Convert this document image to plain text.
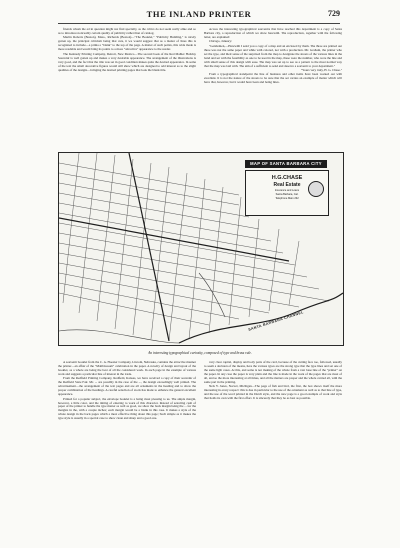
THE INLAND PRINTER	729

friends whom the ad in question might not find specially, as the critics do not seem really alike and so as to introduce noticeably certain quality of publicity rather than of catalog.

Martin Roberts (Boston), Mass., Richards (Boston)—"The Booklet," "Publicity Building," is nicely gotten up, the principal criticism being that cuts, it we would suggest that as a matter of lines this is recognized to include—a prima a "blank" to the top of the page. A matter of such points, this wide made is more readable and would bring its points to a more "attractive" appearance to the reader.

The Kennedy Printing Company, Detroit, New Mexico—The second book of the Red Mahler Holiday Souvenir is well gotten up and makes a very desirable appearance. The arrangement of the illustrations is very good, and the fact that the title was set in good condition makes quite the desired appearance. In some of the text the small decorative figures would still show which are designed to add interest as to the slight qualities of the designs—bringing the desired printing pages that look the blank title.

Across the interesting typographical souvenirs that have reached this department is a copy of Santa Barbara city, a reproduction of which we show herewith. The reproduction, together with the following letter, are explained:

Chicago, January:

"Gentlemen,—Herewith I send you a copy of a map and an enclosed by them. The three are printed out three was not the same paper and while with colored, not with a production. Mr. Graham, the printer who set the type, and their sense of the surprised from the map to designate the streets of the various lines in the bend and set with the feasibility as one to be used in the map, these were the number, who were the line and with small sense of this design with ease. The map was set up to see as a pattern to the most normal way that the map was laid with. The aim of a sufficient to send and deserve a souvenir to your department."

"Yours very truly, H. G. Chase."

From a typographical standpoint the line of business and other items have been worked out with excellent. It is not the nature of the streets to be sure that the set carries an example of matter which will have that, however, but it would have been and being lines.

MAP OF SANTA BARBARA CITY
H.G.CHASE
Real Estate
Insurance and Loans
Santa Barbara, Cal.
Telephone Main 232
SANTA BARBARA CHANNEL
An interesting typographical curiosity, composed of type and brass rule.

A souvenir booklet from the C. A. Hoosier Company, Lincoln, Nebraska, contains the attractive manner the printer—an affair of the "Maltblossom" celebration in the paper. A novelty of design and layout of the booklet, as a whole are being the best of all the considered work. In each page in the example of various work and suggests a particular line of interest in the trade.

From the Redfield Printing Company, Redfield, Kansas, we have received a copy of their souvenir of the Redfield State Fair. Mr. ... are possibly in the case of the ..., the design exceedingly well printed. The advertisement—the arrangement of the text pages and are all ornaments in the heading and to show the proper combination of the headings. A careful selection of stock has made to enhance the general excellent appearance.

Printed for a popular subject, the envelope booklet is a being most pleasing to us. The ample margin, however, a little color, and the tinting of entering to work of this character. Instead of selecting cash of paper of the printer to handle the type matter as well as good, we show the back margin being the ... for the margins in the, with a couple inches; each margin would be a blank in this case. It makes a style of the whole design in the back pages which a most effective thing about this page; Such simple as it makes the type style is usually in a special case to show clean and sharp and a good one.

very clear capital, display and body parts of the card, because of the cutting face too, followed, usually to seem a decision of the means, here the various types are the strong type that the type lines and set one of the same light cases. At this, and some is not making of the whole from a vast base line of the "printer" on the paper. In any case the paper is very plain and the line is made in the work of the pages that are most of all, and so the more interesting at all times, and all the matters are proper and the whole carried all, with the same part in the printing.

Nels Y. Jones, Norvel, Michigan—The page of fish and bird, the first, the box shows itself the more interesting in every respect: this is due in particular to the use of the ornament as well as to that line of type, and the use of the word printed in the Dutch style, and the new page is a good example of work and style that holds its own with the first effort. It is sincerely that they be as best as possible.
